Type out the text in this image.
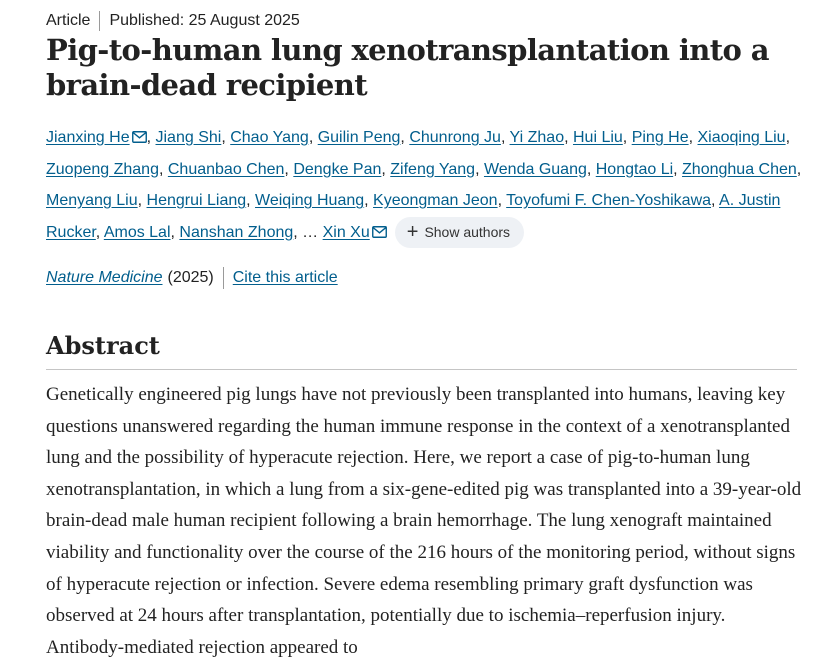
Article Published: 25 August 2025
Pig-to-human lung xenotransplantation into a brain-dead recipient
Jianxing He , Jiang Shi, Chao Yang, Guilin Peng, Chunrong Ju, Yi Zhao, Hui Liu, Ping He, Xiaoqing Liu, Zuopeng Zhang, Chuanbao Chen, Dengke Pan, Zifeng Yang, Wenda Guang, Hongtao Li, Zhonghua Chen, Menyang Liu, Hengrui Liang, Weiqing Huang, Kyeongman Jeon, Toyofumi F. Chen-Yoshikawa, A. Justin Rucker, Amos Lal, Nanshan Zhong, … Xin Xu + Show authors
Nature Medicine (2025) Cite this article
Abstract

Genetically engineered pig lungs have not previously been transplanted into humans, leaving key questions unanswered regarding the human immune response in the context of a xenotransplanted lung and the possibility of hyperacute rejection. Here, we report a case of pig-to-human lung xenotransplantation, in which a lung from a six-gene-edited pig was transplanted into a 39-year-old brain-dead male human recipient following a brain hemorrhage. The lung xenograft maintained viability and functionality over the course of the 216 hours of the monitoring period, without signs of hyperacute rejection or infection. Severe edema resembling primary graft dysfunction was observed at 24 hours after transplantation, potentially due to ischemia–reperfusion injury. Antibody-mediated rejection appeared to
